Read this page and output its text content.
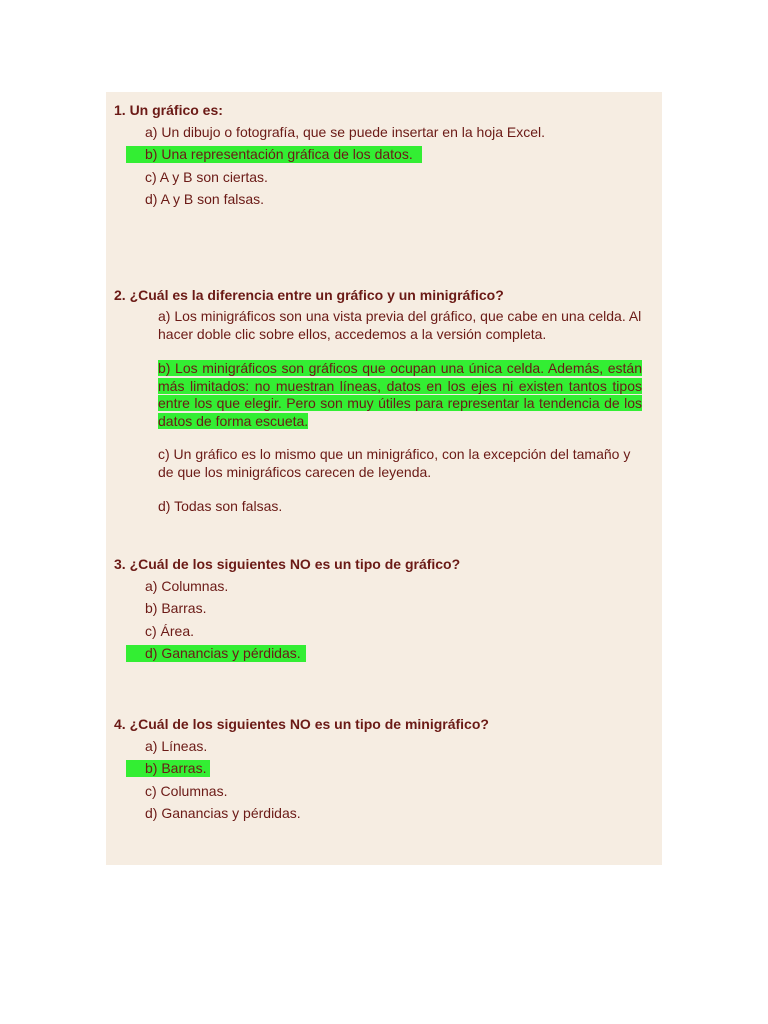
1. Un gráfico es:
a) Un dibujo o fotografía, que se puede insertar en la hoja Excel.
b) Una representación gráfica de los datos.
c) A y B son ciertas.
d) A y B son falsas.
2. ¿Cuál es la diferencia entre un gráfico y un minigráfico?
a) Los minigráficos son una vista previa del gráfico, que cabe en una celda. Al hacer doble clic sobre ellos, accedemos a la versión completa.
b) Los minigráficos son gráficos que ocupan una única celda. Además, están más limitados: no muestran líneas, datos en los ejes ni existen tantos tipos entre los que elegir. Pero son muy útiles para representar la tendencia de los datos de forma escueta.
c) Un gráfico es lo mismo que un minigráfico, con la excepción del tamaño y de que los minigráficos carecen de leyenda.
d) Todas son falsas.
3. ¿Cuál de los siguientes NO es un tipo de gráfico?
a) Columnas.
b) Barras.
c) Área.
d) Ganancias y pérdidas.
4. ¿Cuál de los siguientes NO es un tipo de minigráfico?
a) Líneas.
b) Barras.
c) Columnas.
d) Ganancias y pérdidas.
